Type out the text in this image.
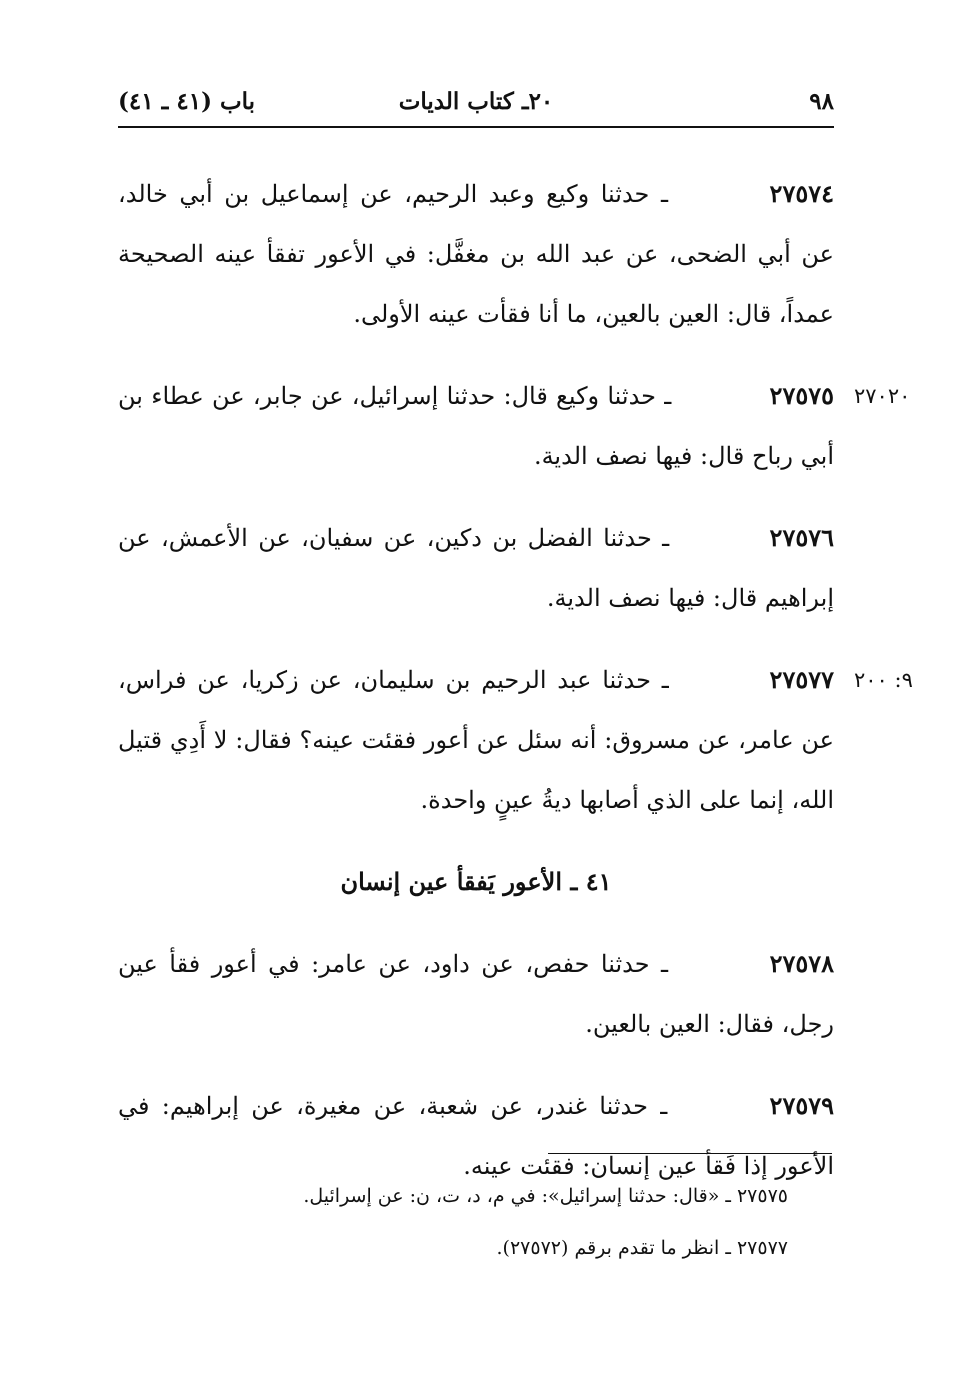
٩٨
٢٠ـ كتاب الديات
باب (٤١ ـ ٤١)

٢٧٥٧٤ ـ حدثنا وكيع وعبد الرحيم، عن إسماعيل بن أبي خالد، عن أبي الضحى، عن عبد الله بن مغفَّل: في الأعور تفقأ عينه الصحيحة عمداً، قال: العين بالعين، ما أنا فقأت عينه الأولى.

٢٧٠٢٠
٢٧٥٧٥ ـ حدثنا وكيع قال: حدثنا إسرائيل، عن جابر، عن عطاء بن أبي رباح قال: فيها نصف الدية.

٢٧٥٧٦ ـ حدثنا الفضل بن دكين، عن سفيان، عن الأعمش، عن إبراهيم قال: فيها نصف الدية.

٩: ٢٠٠
٢٧٥٧٧ ـ حدثنا عبد الرحيم بن سليمان، عن زكريا، عن فراس، عن عامر، عن مسروق: أنه سئل عن أعور فقئت عينه؟ فقال: لا أَدِي قتيل الله، إنما على الذي أصابها ديةُ عينٍ واحدة.

٤١ ـ الأعور يَفقأ عين إنسان

٢٧٥٧٨ ـ حدثنا حفص، عن داود، عن عامر: في أعور فقأ عين رجل، فقال: العين بالعين.

٢٧٥٧٩ ـ حدثنا غندر، عن شعبة، عن مغيرة، عن إبراهيم: في الأعور إذا فَقأ عين إنسان: فقئت عينه.

٢٧٥٧٥ ـ «قال: حدثنا إسرائيل»: في م، د، ت، ن: عن إسرائيل.

٢٧٥٧٧ ـ انظر ما تقدم برقم (٢٧٥٧٢).
